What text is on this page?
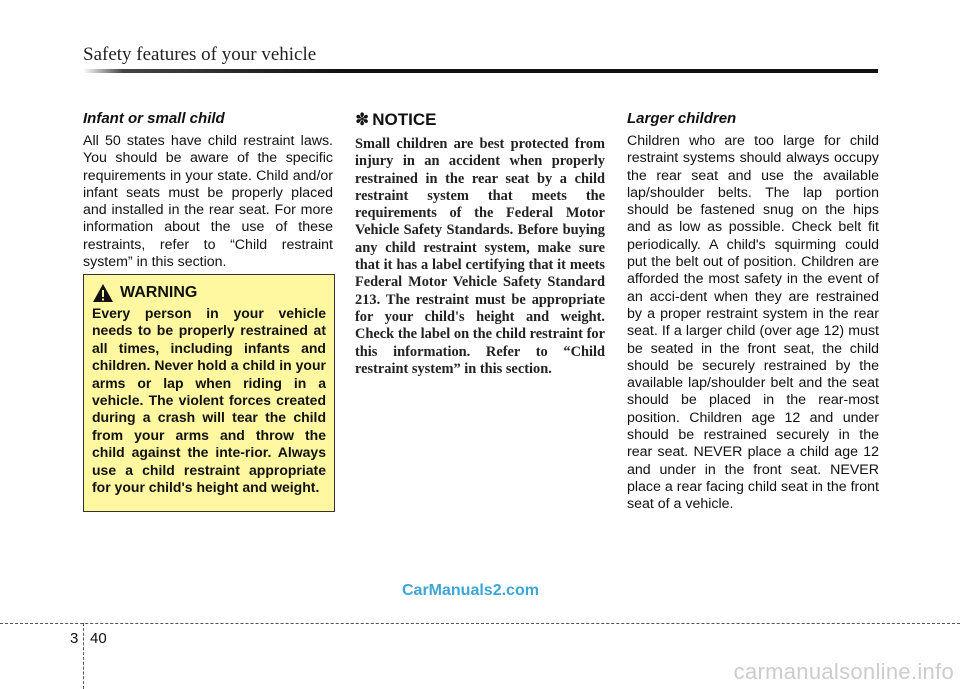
Safety features of your vehicle

Infant or small child

All 50 states have child restraint laws. You should be aware of the specific requirements in your state. Child and/or infant seats must be properly placed and installed in the rear seat. For more information about the use of these restraints, refer to “Child restraint system” in this section.

WARNING

Every person in your vehicle needs to be properly restrained at all times, including infants and children. Never hold a child in your arms or lap when riding in a vehicle. The violent forces created during a crash will tear the child from your arms and throw the child against the inte-rior. Always use a child restraint appropriate for your child's height and weight.

✽ NOTICE

Small children are best protected from injury in an accident when properly restrained in the rear seat by a child restraint system that meets the requirements of the Federal Motor Vehicle Safety Standards. Before buying any child restraint system, make sure that it has a label certifying that it meets Federal Motor Vehicle Safety Standard 213. The restraint must be appropriate for your child's height and weight. Check the label on the child restraint for this information. Refer to “Child restraint system” in this section.

Larger children

Children who are too large for child restraint systems should always occupy the rear seat and use the available lap/shoulder belts. The lap portion should be fastened snug on the hips and as low as possible. Check belt fit periodically. A child's squirming could put the belt out of position. Children are afforded the most safety in the event of an acci-dent when they are restrained by a proper restraint system in the rear seat. If a larger child (over age 12) must be seated in the front seat, the child should be securely restrained by the available lap/shoulder belt and the seat should be placed in the rear-most position. Children age 12 and under should be restrained securely in the rear seat. NEVER place a child age 12 and under in the front seat. NEVER place a rear facing child seat in the front seat of a vehicle.

CarManuals2.com
3 40
carmanualsonline.info
